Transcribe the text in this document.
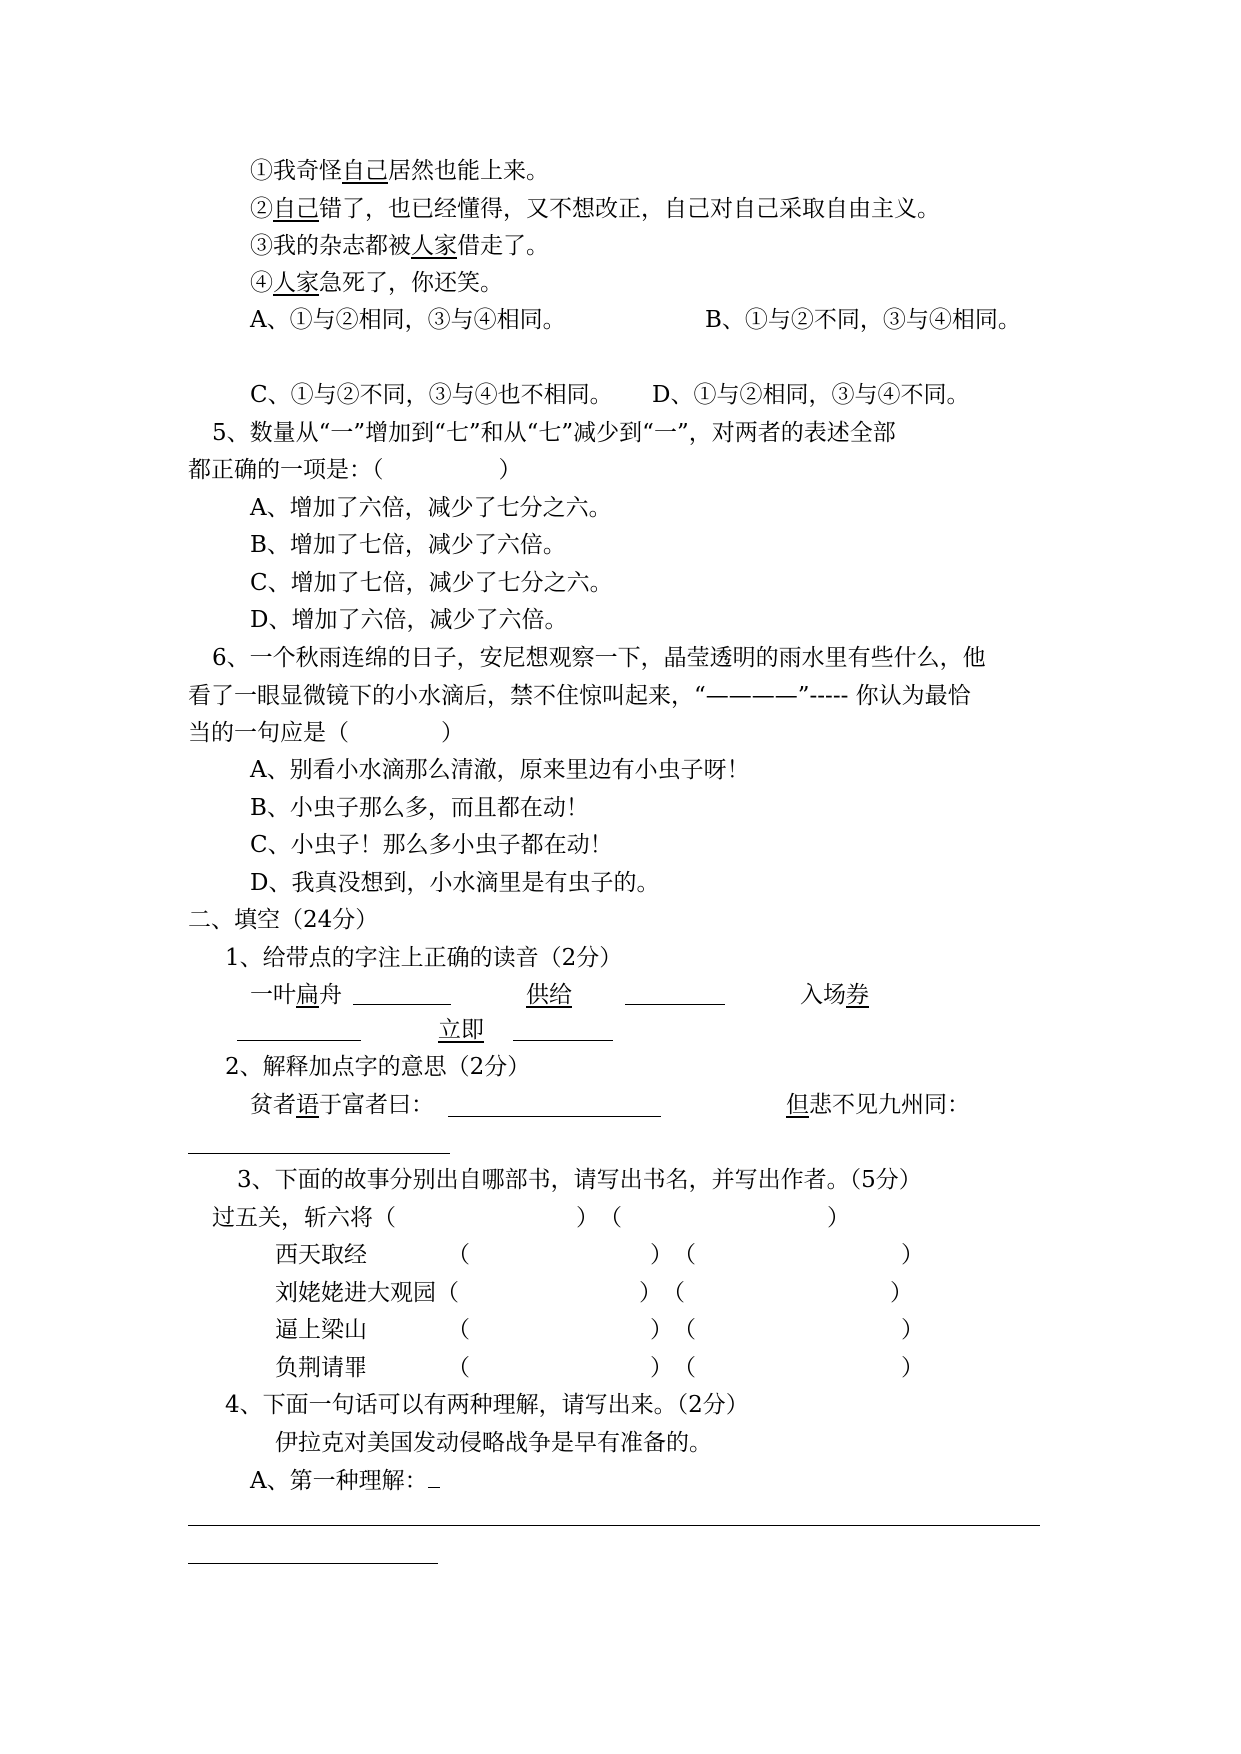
①我奇怪自己居然也能上来。
②自己错了，也已经懂得，又不想改正，自己对自己采取自由主义。
③我的杂志都被人家借走了。
④人家急死了，你还笑。
A、①与②相同，③与④相同。	B、①与②不同，③与④相同。
C、①与②不同，③与④也不相同。 D、①与②相同，③与④不同。
5、数量从“一”增加到“七”和从“七”减少到“一”，对两者的表述全部
都正确的一项是：（　　　　　）
A、增加了六倍，减少了七分之六。
B、增加了七倍，减少了六倍。
C、增加了七倍，减少了七分之六。
D、增加了六倍，减少了六倍。
6、一个秋雨连绵的日子，安尼想观察一下，晶莹透明的雨水里有些什么，他
看了一眼显微镜下的小水滴后，禁不住惊叫起来，“————”----- 你认为最恰
当的一句应是（　　　　）
A、别看小水滴那么清澈，原来里边有小虫子呀！
B、小虫子那么多，而且都在动！
C、小虫子！那么多小虫子都在动！
D、我真没想到，小水滴里是有虫子的。
二、填空（24分）
1、给带点的字注上正确的读音（2分）
一叶扁舟	供给	入场券
立即
2、解释加点字的意思（2分）
贫者语于富者曰：	但悲不见九州同：
3、下面的故事分别出自哪部书，请写出书名，并写出作者。（5分）
过五关，斩六将（	）　（	）
西天取经	（	）　（	）
刘姥姥进大观园（	）　（	）
逼上梁山	（	）　（	）
负荆请罪	（	）　（	）
4、下面一句话可以有两种理解，请写出来。（2分）
伊拉克对美国发动侵略战争是早有准备的。
A、第一种理解：
